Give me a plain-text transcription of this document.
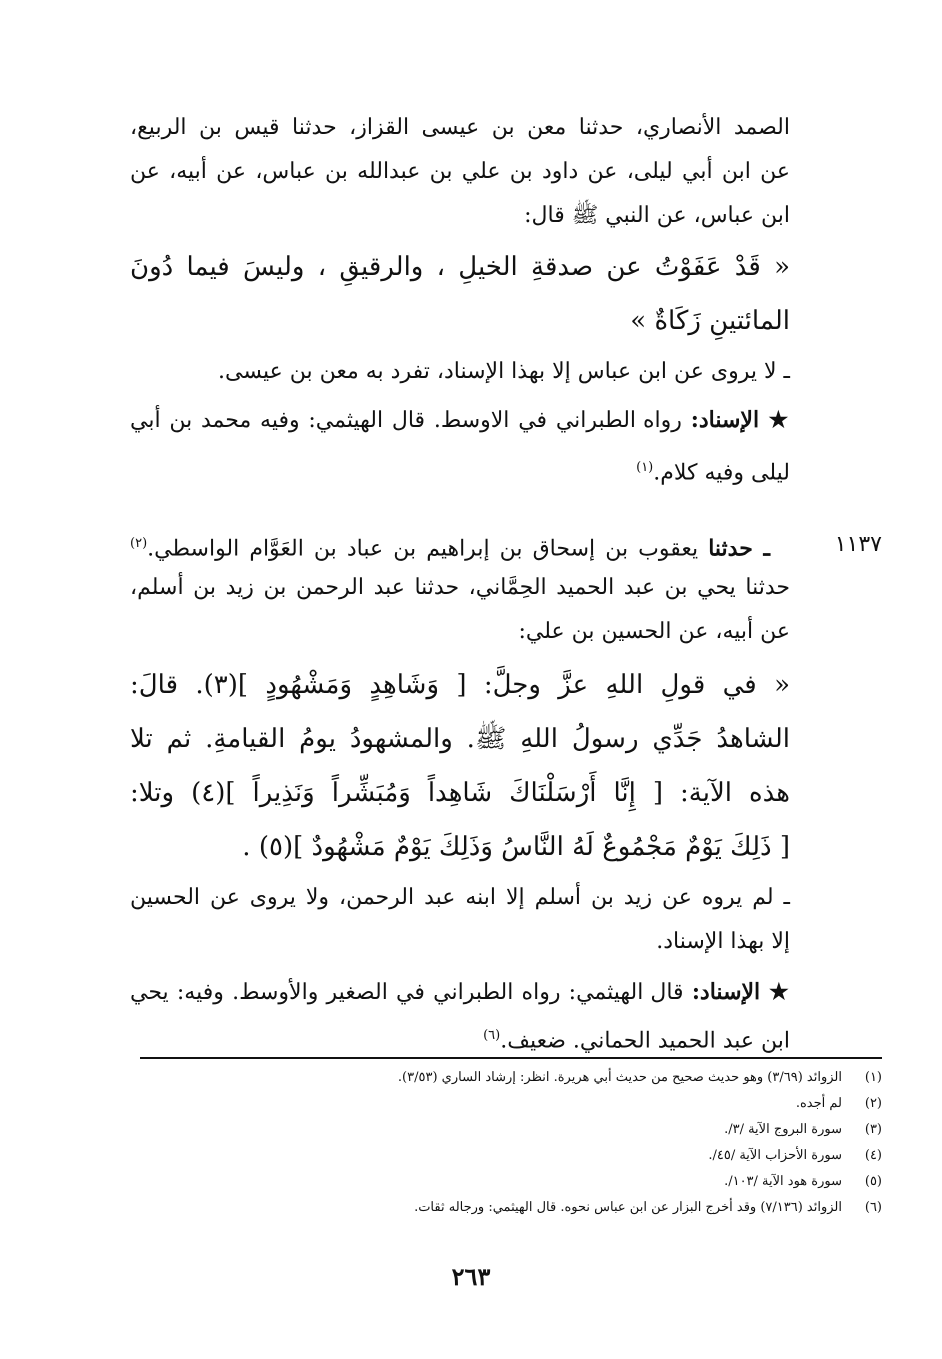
الصمد الأنصاري، حدثنا معن بن عيسى القزاز، حدثنا قيس بن الربيع،
عن ابن أبي ليلى، عن داود بن علي بن عبدالله بن عباس، عن أبيه، عن
ابن عباس، عن النبي ﷺ قال:
« قَدْ عَفَوْتُ عن صدقةِ الخيلِ ، والرقيقِ ، وليسَ فيما دُونَ
المائتينِ زَكَاةٌ »
ـ لا يروى عن ابن عباس إلا بهذا الإسناد، تفرد به معن بن عيسى.
★ الإسناد: رواه الطبراني في الاوسط. قال الهيثمي: وفيه محمد بن أبي
ليلى وفيه كلام.$^{(١)}$
١١٣٧
ـ حدثنا يعقوب بن إسحاق بن إبراهيم بن عباد بن العَوَّام الواسطي.$^{(٢)}$
حدثنا يحي بن عبد الحميد الحِمَّاني، حدثنا عبد الرحمن بن زيد بن أسلم،
عن أبيه، عن الحسين بن علي:
« في قولِ اللهِ عزَّ وجلَّ: [ وَشَاهِدٍ وَمَشْهُودٍ ](٣). قالَ:
الشاهدُ جَدِّي رسولُ اللهِ ﷺ. والمشهودُ يومُ القيامةِ. ثم تلا
هذه الآية: [ إِنَّا أَرْسَلْنَاكَ شَاهِداً وَمُبَشِّراً وَنَذِيراً ](٤) وتلا:
[ ذَلِكَ يَوْمٌ مَجْمُوعٌ لَهُ النَّاسُ وَذَلِكَ يَوْمٌ مَشْهُودٌ ](٥) .
ـ لم يروه عن زيد بن أسلم إلا ابنه عبد الرحمن، ولا يروى عن الحسين
إلا بهذا الإسناد.
★ الإسناد: قال الهيثمي: رواه الطبراني في الصغير والأوسط. وفيه: يحي
ابن عبد الحميد الحماني. ضعيف.$^{(٦)}$
(١)الزوائد (٣/٦٩) وهو حديث صحيح من حديث أبي هريرة. انظر: إرشاد الساري (٣/٥٣).
(٢)لم أجده.
(٣)سورة البروج الآية /٣/.
(٤)سورة الأحزاب الآية /٤٥/.
(٥)سورة هود الآية /١٠٣/.
(٦)الزوائد (٧/١٣٦) وقد أخرج البزار عن ابن عباس نحوه. قال الهيثمي: ورجاله ثقات.
٢٦٣
